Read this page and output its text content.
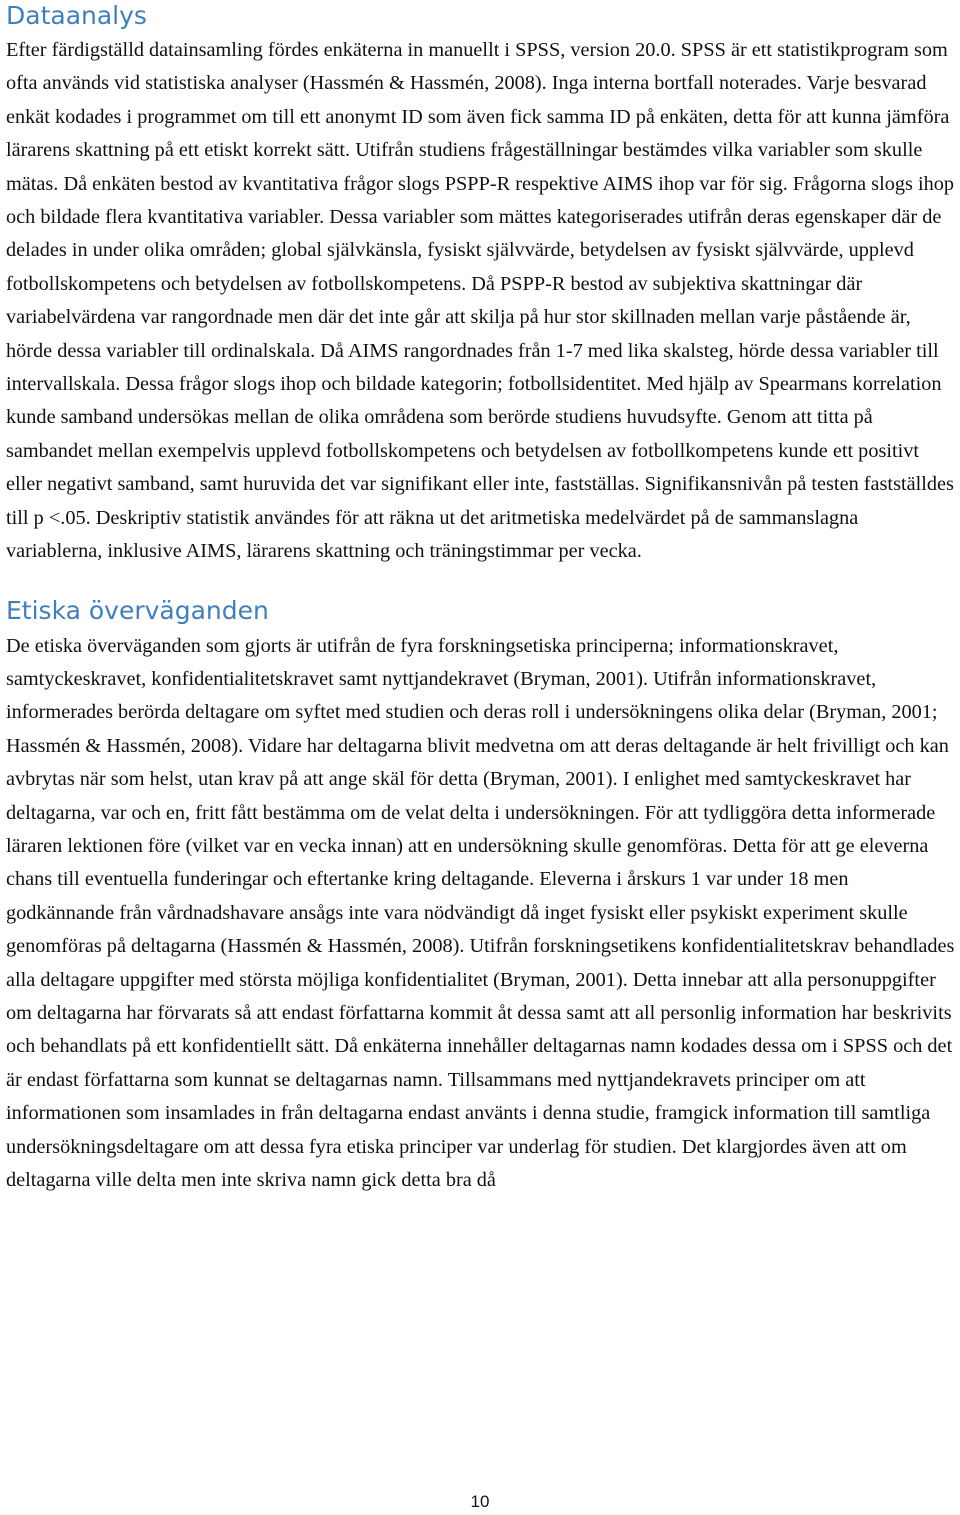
Dataanalys

Efter färdigställd datainsamling fördes enkäterna in manuellt i SPSS, version 20.0. SPSS är ett statistikprogram som ofta används vid statistiska analyser (Hassmén & Hassmén, 2008). Inga interna bortfall noterades. Varje besvarad enkät kodades i programmet om till ett anonymt ID som även fick samma ID på enkäten, detta för att kunna jämföra lärarens skattning på ett etiskt korrekt sätt. Utifrån studiens frågeställningar bestämdes vilka variabler som skulle mätas. Då enkäten bestod av kvantitativa frågor slogs PSPP-R respektive AIMS ihop var för sig. Frågorna slogs ihop och bildade flera kvantitativa variabler. Dessa variabler som mättes kategoriserades utifrån deras egenskaper där de delades in under olika områden; global självkänsla, fysiskt självvärde, betydelsen av fysiskt självvärde, upplevd fotbollskompetens och betydelsen av fotbollskompetens. Då PSPP-R bestod av subjektiva skattningar där variabelvärdena var rangordnade men där det inte går att skilja på hur stor skillnaden mellan varje påstående är, hörde dessa variabler till ordinalskala. Då AIMS rangordnades från 1-7 med lika skalsteg, hörde dessa variabler till intervallskala. Dessa frågor slogs ihop och bildade kategorin; fotbollsidentitet. Med hjälp av Spearmans korrelation kunde samband undersökas mellan de olika områdena som berörde studiens huvudsyfte. Genom att titta på sambandet mellan exempelvis upplevd fotbollskompetens och betydelsen av fotbollkompetens kunde ett positivt eller negativt samband, samt huruvida det var signifikant eller inte, fastställas. Signifikansnivån på testen fastställdes till p <.05. Deskriptiv statistik användes för att räkna ut det aritmetiska medelvärdet på de sammanslagna variablerna, inklusive AIMS, lärarens skattning och träningstimmar per vecka.

Etiska överväganden

De etiska överväganden som gjorts är utifrån de fyra forskningsetiska principerna; informationskravet, samtyckeskravet, konfidentialitetskravet samt nyttjandekravet (Bryman, 2001). Utifrån informationskravet, informerades berörda deltagare om syftet med studien och deras roll i undersökningens olika delar (Bryman, 2001; Hassmén & Hassmén, 2008). Vidare har deltagarna blivit medvetna om att deras deltagande är helt frivilligt och kan avbrytas när som helst, utan krav på att ange skäl för detta (Bryman, 2001). I enlighet med samtyckeskravet har deltagarna, var och en, fritt fått bestämma om de velat delta i undersökningen. För att tydliggöra detta informerade läraren lektionen före (vilket var en vecka innan) att en undersökning skulle genomföras. Detta för att ge eleverna chans till eventuella funderingar och eftertanke kring deltagande. Eleverna i årskurs 1 var under 18 men godkännande från vårdnadshavare ansågs inte vara nödvändigt då inget fysiskt eller psykiskt experiment skulle genomföras på deltagarna (Hassmén & Hassmén, 2008). Utifrån forskningsetikens konfidentialitetskrav behandlades alla deltagare uppgifter med största möjliga konfidentialitet (Bryman, 2001). Detta innebar att alla personuppgifter om deltagarna har förvarats så att endast författarna kommit åt dessa samt att all personlig information har beskrivits och behandlats på ett konfidentiellt sätt. Då enkäterna innehåller deltagarnas namn kodades dessa om i SPSS och det är endast författarna som kunnat se deltagarnas namn. Tillsammans med nyttjandekravets principer om att informationen som insamlades in från deltagarna endast använts i denna studie, framgick information till samtliga undersökningsdeltagare om att dessa fyra etiska principer var underlag för studien. Det klargjordes även att om deltagarna ville delta men inte skriva namn gick detta bra då

10
